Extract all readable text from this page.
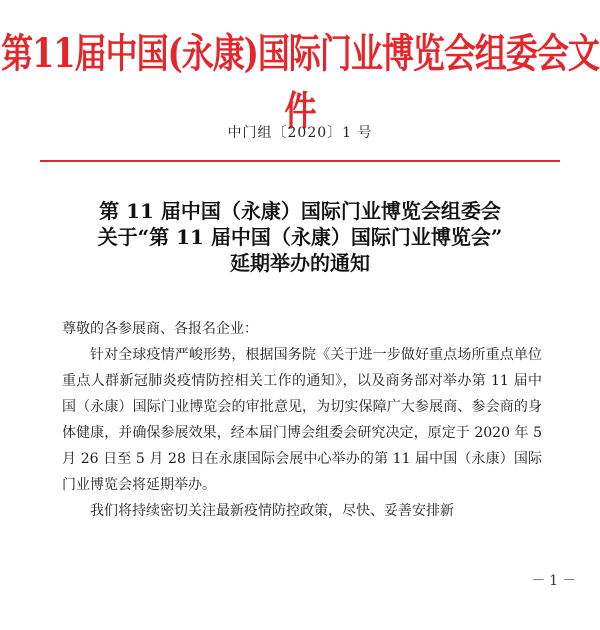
第11届中国(永康)国际门业博览会组委会文件
中门组〔2020〕1 号
第 11 届中国（永康）国际门业博览会组委会
关于“第 11 届中国（永康）国际门业博览会”
延期举办的通知
尊敬的各参展商、各报名企业：
针对全球疫情严峻形势，根据国务院《关于进一步做好重点场所重点单位重点人群新冠肺炎疫情防控相关工作的通知》，以及商务部对举办第 11 届中国（永康）国际门业博览会的审批意见，为切实保障广大参展商、参会商的身体健康，并确保参展效果，经本届门博会组委会研究决定，原定于 2020 年 5 月 26 日至 5 月 28 日在永康国际会展中心举办的第 11 届中国（永康）国际门业博览会将延期举办。
我们将持续密切关注最新疫情防控政策，尽快、妥善安排新
－1－
